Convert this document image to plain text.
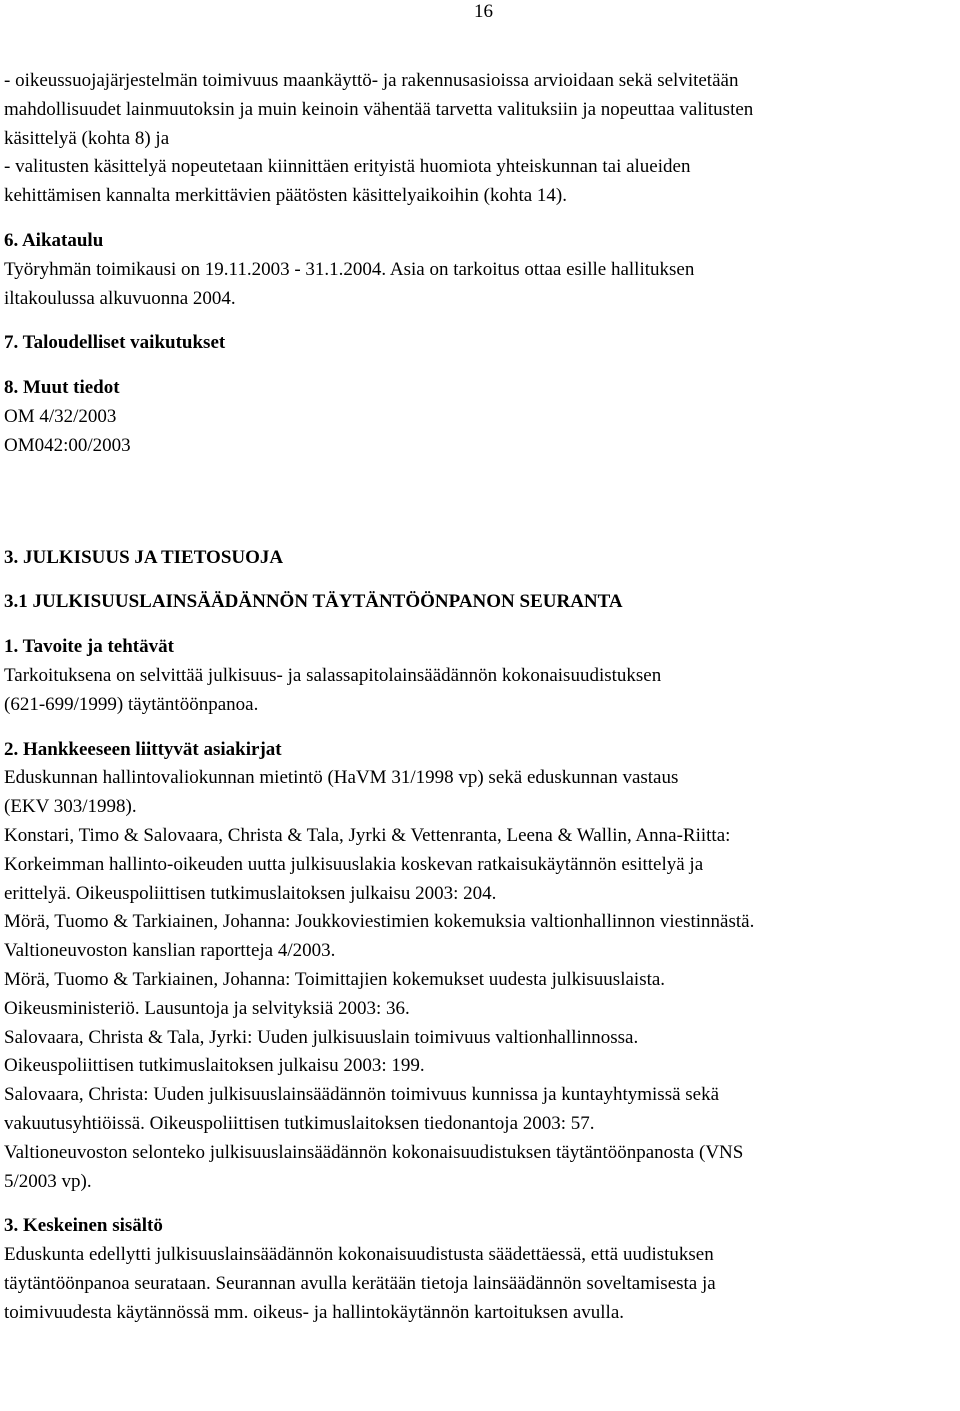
16

- oikeussuojajärjestelmän toimivuus maankäyttö- ja rakennusasioissa arvioidaan sekä selvitetään

mahdollisuudet lainmuutoksin ja muin keinoin vähentää tarvetta valituksiin ja nopeuttaa valitusten

käsittelyä (kohta 8) ja

- valitusten käsittelyä nopeutetaan kiinnittäen erityistä huomiota yhteiskunnan tai alueiden

kehittämisen kannalta merkittävien päätösten käsittelyaikoihin (kohta 14).

6. Aikataulu

Työryhmän toimikausi on 19.11.2003 - 31.1.2004. Asia on tarkoitus ottaa esille hallituksen

iltakoulussa alkuvuonna 2004.

7. Taloudelliset vaikutukset

8. Muut tiedot

OM 4/32/2003

OM042:00/2003

3. JULKISUUS JA TIETOSUOJA

3.1 JULKISUUSLAINSÄÄDÄNNÖN TÄYTÄNTÖÖNPANON SEURANTA

1. Tavoite ja tehtävät

Tarkoituksena on selvittää julkisuus- ja salassapitolainsäädännön kokonaisuudistuksen

(621-699/1999) täytäntöönpanoa.

2. Hankkeeseen liittyvät asiakirjat

Eduskunnan hallintovaliokunnan mietintö (HaVM 31/1998 vp) sekä eduskunnan vastaus

(EKV 303/1998).

Konstari, Timo & Salovaara, Christa & Tala, Jyrki & Vettenranta, Leena & Wallin, Anna-Riitta:

Korkeimman hallinto-oikeuden uutta julkisuuslakia koskevan ratkaisukäytännön esittelyä ja

erittelyä. Oikeuspoliittisen tutkimuslaitoksen julkaisu 2003: 204.

Mörä, Tuomo & Tarkiainen, Johanna: Joukkoviestimien kokemuksia valtionhallinnon viestinnästä.

Valtioneuvoston kanslian raportteja 4/2003.

Mörä, Tuomo & Tarkiainen, Johanna: Toimittajien kokemukset uudesta julkisuuslaista.

Oikeusministeriö. Lausuntoja ja selvityksiä 2003: 36.

Salovaara, Christa & Tala, Jyrki: Uuden julkisuuslain toimivuus valtionhallinnossa.

Oikeuspoliittisen tutkimuslaitoksen julkaisu 2003: 199.

Salovaara, Christa: Uuden julkisuuslainsäädännön toimivuus kunnissa ja kuntayhtymissä sekä

vakuutusyhtiöissä. Oikeuspoliittisen tutkimuslaitoksen tiedonantoja 2003: 57.

Valtioneuvoston selonteko julkisuuslainsäädännön kokonaisuudistuksen täytäntöönpanosta (VNS

5/2003 vp).

3. Keskeinen sisältö

Eduskunta edellytti julkisuuslainsäädännön kokonaisuudistusta säädettäessä, että uudistuksen

täytäntöönpanoa seurataan. Seurannan avulla kerätään tietoja lainsäädännön soveltamisesta ja

toimivuudesta käytännössä mm. oikeus- ja hallintokäytännön kartoituksen avulla.
